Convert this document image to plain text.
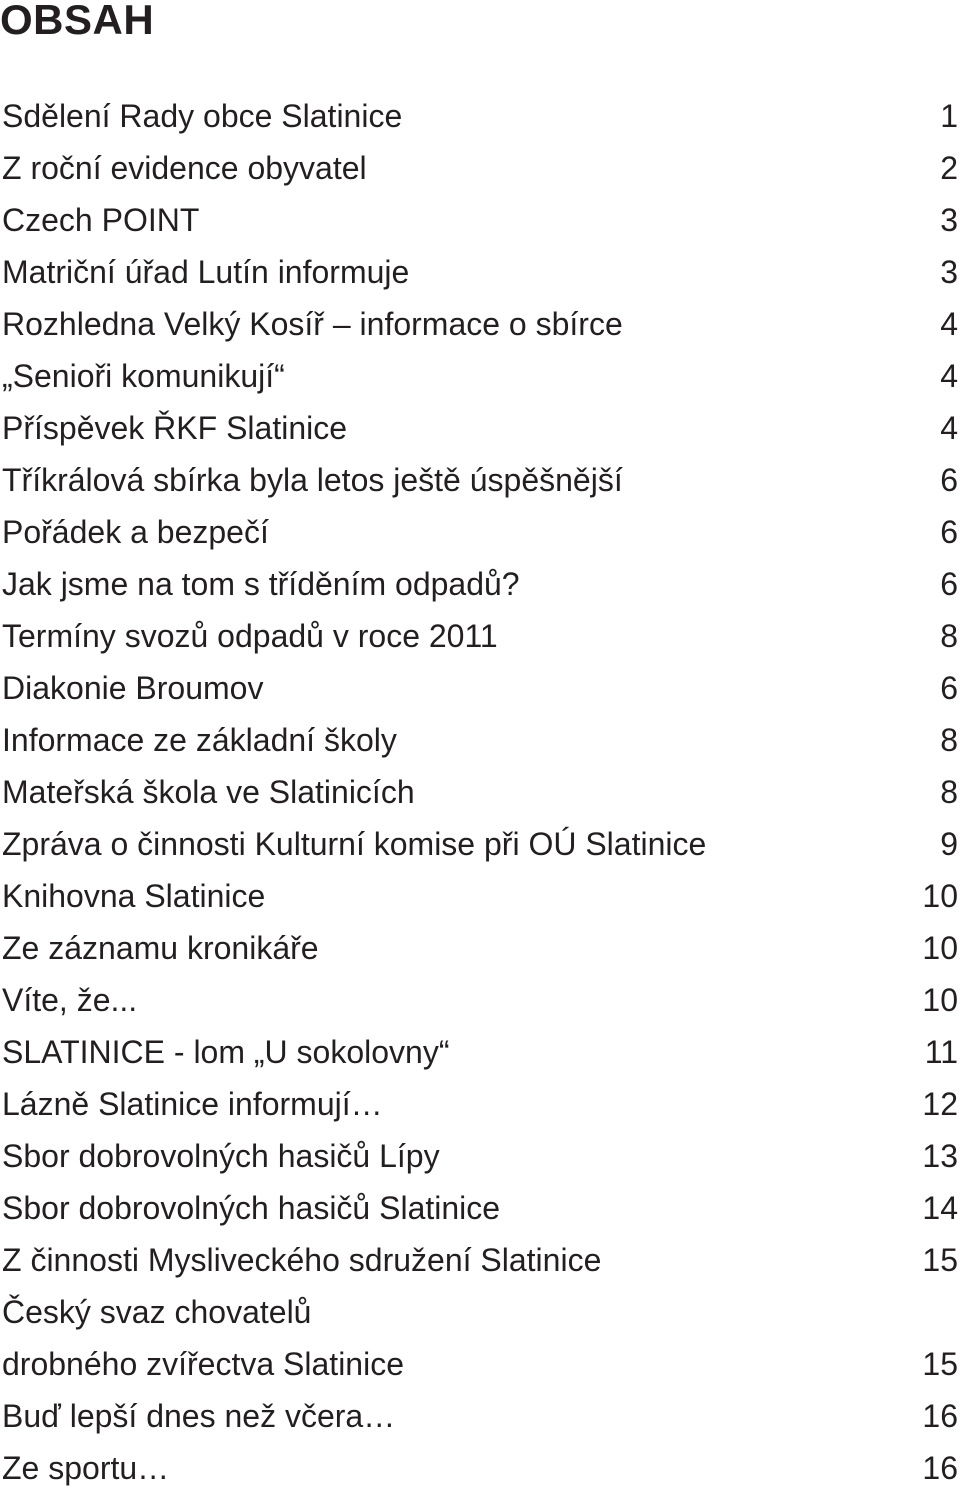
OBSAH
Sdělení Rady obce Slatinice	1
Z roční evidence obyvatel	2
Czech POINT	3
Matriční úřad Lutín informuje	3
Rozhledna Velký Kosíř – informace o sbírce	4
„Senioři komunikují“	4
Příspěvek ŘKF Slatinice	4
Tříkrálová sbírka byla letos ještě úspěšnější	6
Pořádek a bezpečí	6
Jak jsme na tom s tříděním odpadů?	6
Termíny svozů odpadů v roce 2011	8
Diakonie Broumov	6
Informace ze základní školy	8
Mateřská škola ve Slatinicích	8
Zpráva o činnosti Kulturní komise při OÚ Slatinice	9
Knihovna Slatinice	10
Ze záznamu kronikáře	10
Víte, že...	10
SLATINICE - lom „U sokolovny“	11
Lázně Slatinice informují…	12
Sbor dobrovolných hasičů Lípy	13
Sbor dobrovolných hasičů Slatinice	14
Z činnosti Mysliveckého sdružení Slatinice	15
Český svaz chovatelů
drobného zvířectva Slatinice	15
Buď lepší dnes než včera…	16
Ze sportu…	16
